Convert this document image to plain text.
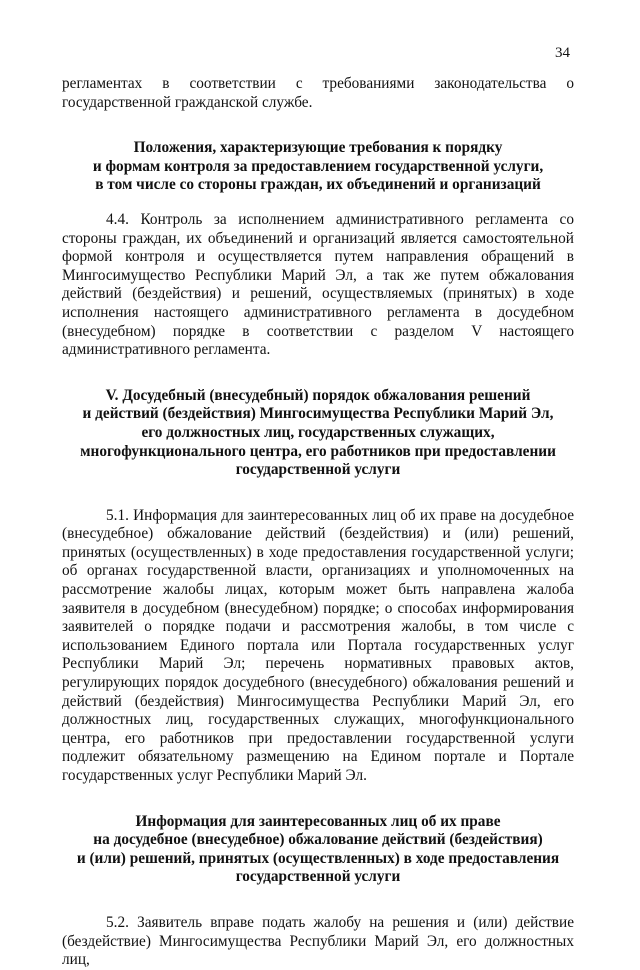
34

регламентах в соответствии с требованиями законодательства о государственной гражданской службе.

Положения, характеризующие требования к порядку
и формам контроля за предоставлением государственной услуги,
в том числе со стороны граждан, их объединений и организаций

4.4. Контроль за исполнением административного регламента со стороны граждан, их объединений и организаций является самостоятельной формой контроля и осуществляется путем направления обращений в Мингосимущество Республики Марий Эл, а так же путем обжалования действий (бездействия) и решений, осуществляемых (принятых) в ходе исполнения настоящего административного регламента в досудебном (внесудебном) порядке в соответствии с разделом V настоящего административного регламента.

V. Досудебный (внесудебный) порядок обжалования решений
и действий (бездействия) Мингосимущества Республики Марий Эл,
его должностных лиц, государственных служащих,
многофункционального центра, его работников при предоставлении
государственной услуги

5.1. Информация для заинтересованных лиц об их праве на досудебное (внесудебное) обжалование действий (бездействия) и (или) решений, принятых (осуществленных) в ходе предоставления государственной услуги; об органах государственной власти, организациях и уполномоченных на рассмотрение жалобы лицах, которым может быть направлена жалоба заявителя в досудебном (внесудебном) порядке; о способах информирования заявителей о порядке подачи и рассмотрения жалобы, в том числе с использованием Единого портала или Портала государственных услуг Республики Марий Эл; перечень нормативных правовых актов, регулирующих порядок досудебного (внесудебного) обжалования решений и действий (бездействия) Мингосимущества Республики Марий Эл, его должностных лиц, государственных служащих, многофункционального центра, его работников при предоставлении государственной услуги подлежит обязательному размещению на Едином портале и Портале государственных услуг Республики Марий Эл.

Информация для заинтересованных лиц об их праве
на досудебное (внесудебное) обжалование действий (бездействия)
и (или) решений, принятых (осуществленных) в ходе предоставления
государственной услуги

5.2. Заявитель вправе подать жалобу на решения и (или) действие (бездействие) Мингосимущества Республики Марий Эл, его должностных лиц,
